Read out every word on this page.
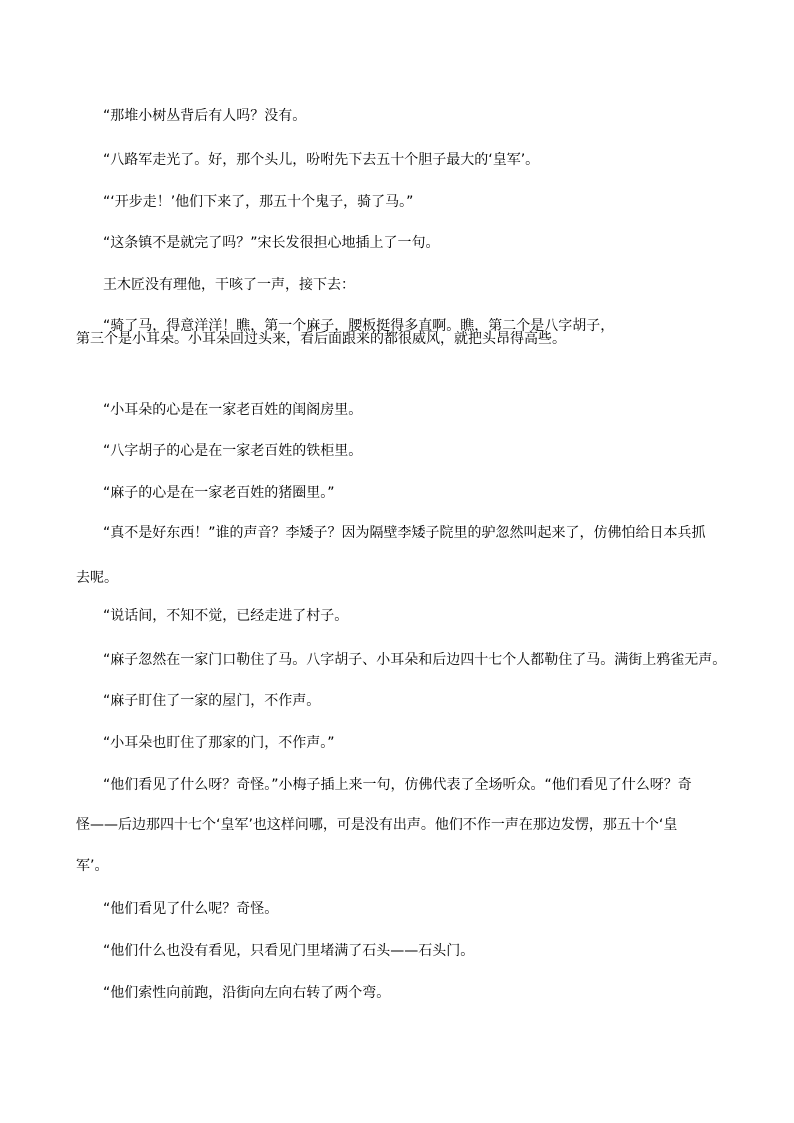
“那堆小树丛背后有人吗？没有。
“八路军走光了。好，那个头儿，吩咐先下去五十个胆子最大的‘皇军’。
“‘开步走！’他们下来了，那五十个鬼子，骑了马。”
“这条镇不是就完了吗？”宋长发很担心地插上了一句。
王木匠没有理他，干咳了一声，接下去：
“骑了马，得意洋洋！瞧，第一个麻子，腰板挺得多直啊。瞧，第二个是八字胡子，
第三个是小耳朵。小耳朵回过头来，看后面跟来的都很威风，就把头昂得高些。
“小耳朵的心是在一家老百姓的闺阁房里。
“八字胡子的心是在一家老百姓的铁柜里。
“麻子的心是在一家老百姓的猪圈里。”
“真不是好东西！”谁的声音？李矮子？因为隔壁李矮子院里的驴忽然叫起来了，仿佛怕给日本兵抓
去呢。
“说话间，不知不觉，已经走进了村子。
“麻子忽然在一家门口勒住了马。八字胡子、小耳朵和后边四十七个人都勒住了马。满街上鸦雀无声。
“麻子盯住了一家的屋门，不作声。
“小耳朵也盯住了那家的门，不作声。”
“他们看见了什么呀？奇怪。”小梅子插上来一句，仿佛代表了全场听众。“他们看见了什么呀？奇
怪——后边那四十七个‘皇军’也这样问哪，可是没有出声。他们不作一声在那边发愣，那五十个‘皇
军’。
“他们看见了什么呢？奇怪。
“他们什么也没有看见，只看见门里堵满了石头——石头门。
“他们索性向前跑，沿街向左向右转了两个弯。
